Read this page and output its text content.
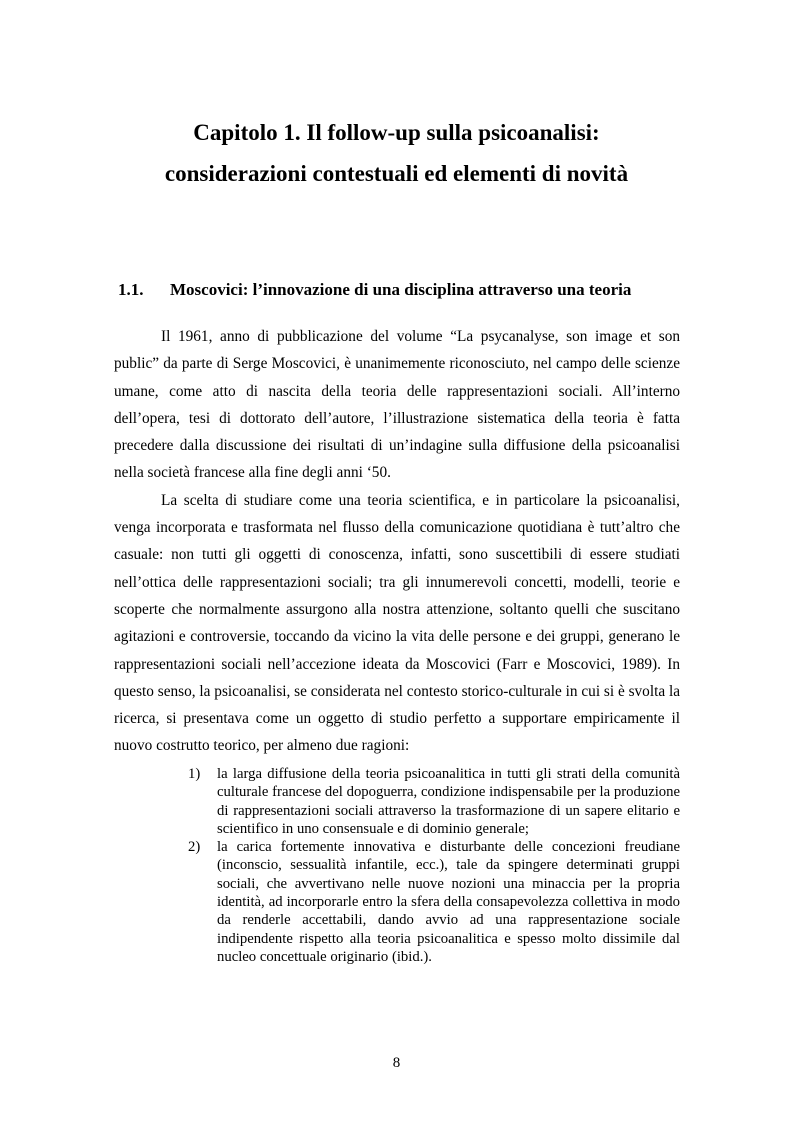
Capitolo 1. Il follow-up sulla psicoanalisi:
considerazioni contestuali ed elementi di novità
1.1. Moscovici: l’innovazione di una disciplina attraverso una teoria

Il 1961, anno di pubblicazione del volume “La psycanalyse, son image et son public” da parte di Serge Moscovici, è unanimemente riconosciuto, nel campo delle scienze umane, come atto di nascita della teoria delle rappresentazioni sociali. All’interno dell’opera, tesi di dottorato dell’autore, l’illustrazione sistematica della teoria è fatta precedere dalla discussione dei risultati di un’indagine sulla diffusione della psicoanalisi nella società francese alla fine degli anni ‘50.

La scelta di studiare come una teoria scientifica, e in particolare la psicoanalisi, venga incorporata e trasformata nel flusso della comunicazione quotidiana è tutt’altro che casuale: non tutti gli oggetti di conoscenza, infatti, sono suscettibili di essere studiati nell’ottica delle rappresentazioni sociali; tra gli innumerevoli concetti, modelli, teorie e scoperte che normalmente assurgono alla nostra attenzione, soltanto quelli che suscitano agitazioni e controversie, toccando da vicino la vita delle persone e dei gruppi, generano le rappresentazioni sociali nell’accezione ideata da Moscovici (Farr e Moscovici, 1989). In questo senso, la psicoanalisi, se considerata nel contesto storico-culturale in cui si è svolta la ricerca, si presentava come un oggetto di studio perfetto a supportare empiricamente il nuovo costrutto teorico, per almeno due ragioni:

1) la larga diffusione della teoria psicoanalitica in tutti gli strati della comunità culturale francese del dopoguerra, condizione indispensabile per la produzione di rappresentazioni sociali attraverso la trasformazione di un sapere elitario e scientifico in uno consensuale e di dominio generale;
2) la carica fortemente innovativa e disturbante delle concezioni freudiane (inconscio, sessualità infantile, ecc.), tale da spingere determinati gruppi sociali, che avvertivano nelle nuove nozioni una minaccia per la propria identità, ad incorporarle entro la sfera della consapevolezza collettiva in modo da renderle accettabili, dando avvio ad una rappresentazione sociale indipendente rispetto alla teoria psicoanalitica e spesso molto dissimile dal nucleo concettuale originario (ibid.).
8
